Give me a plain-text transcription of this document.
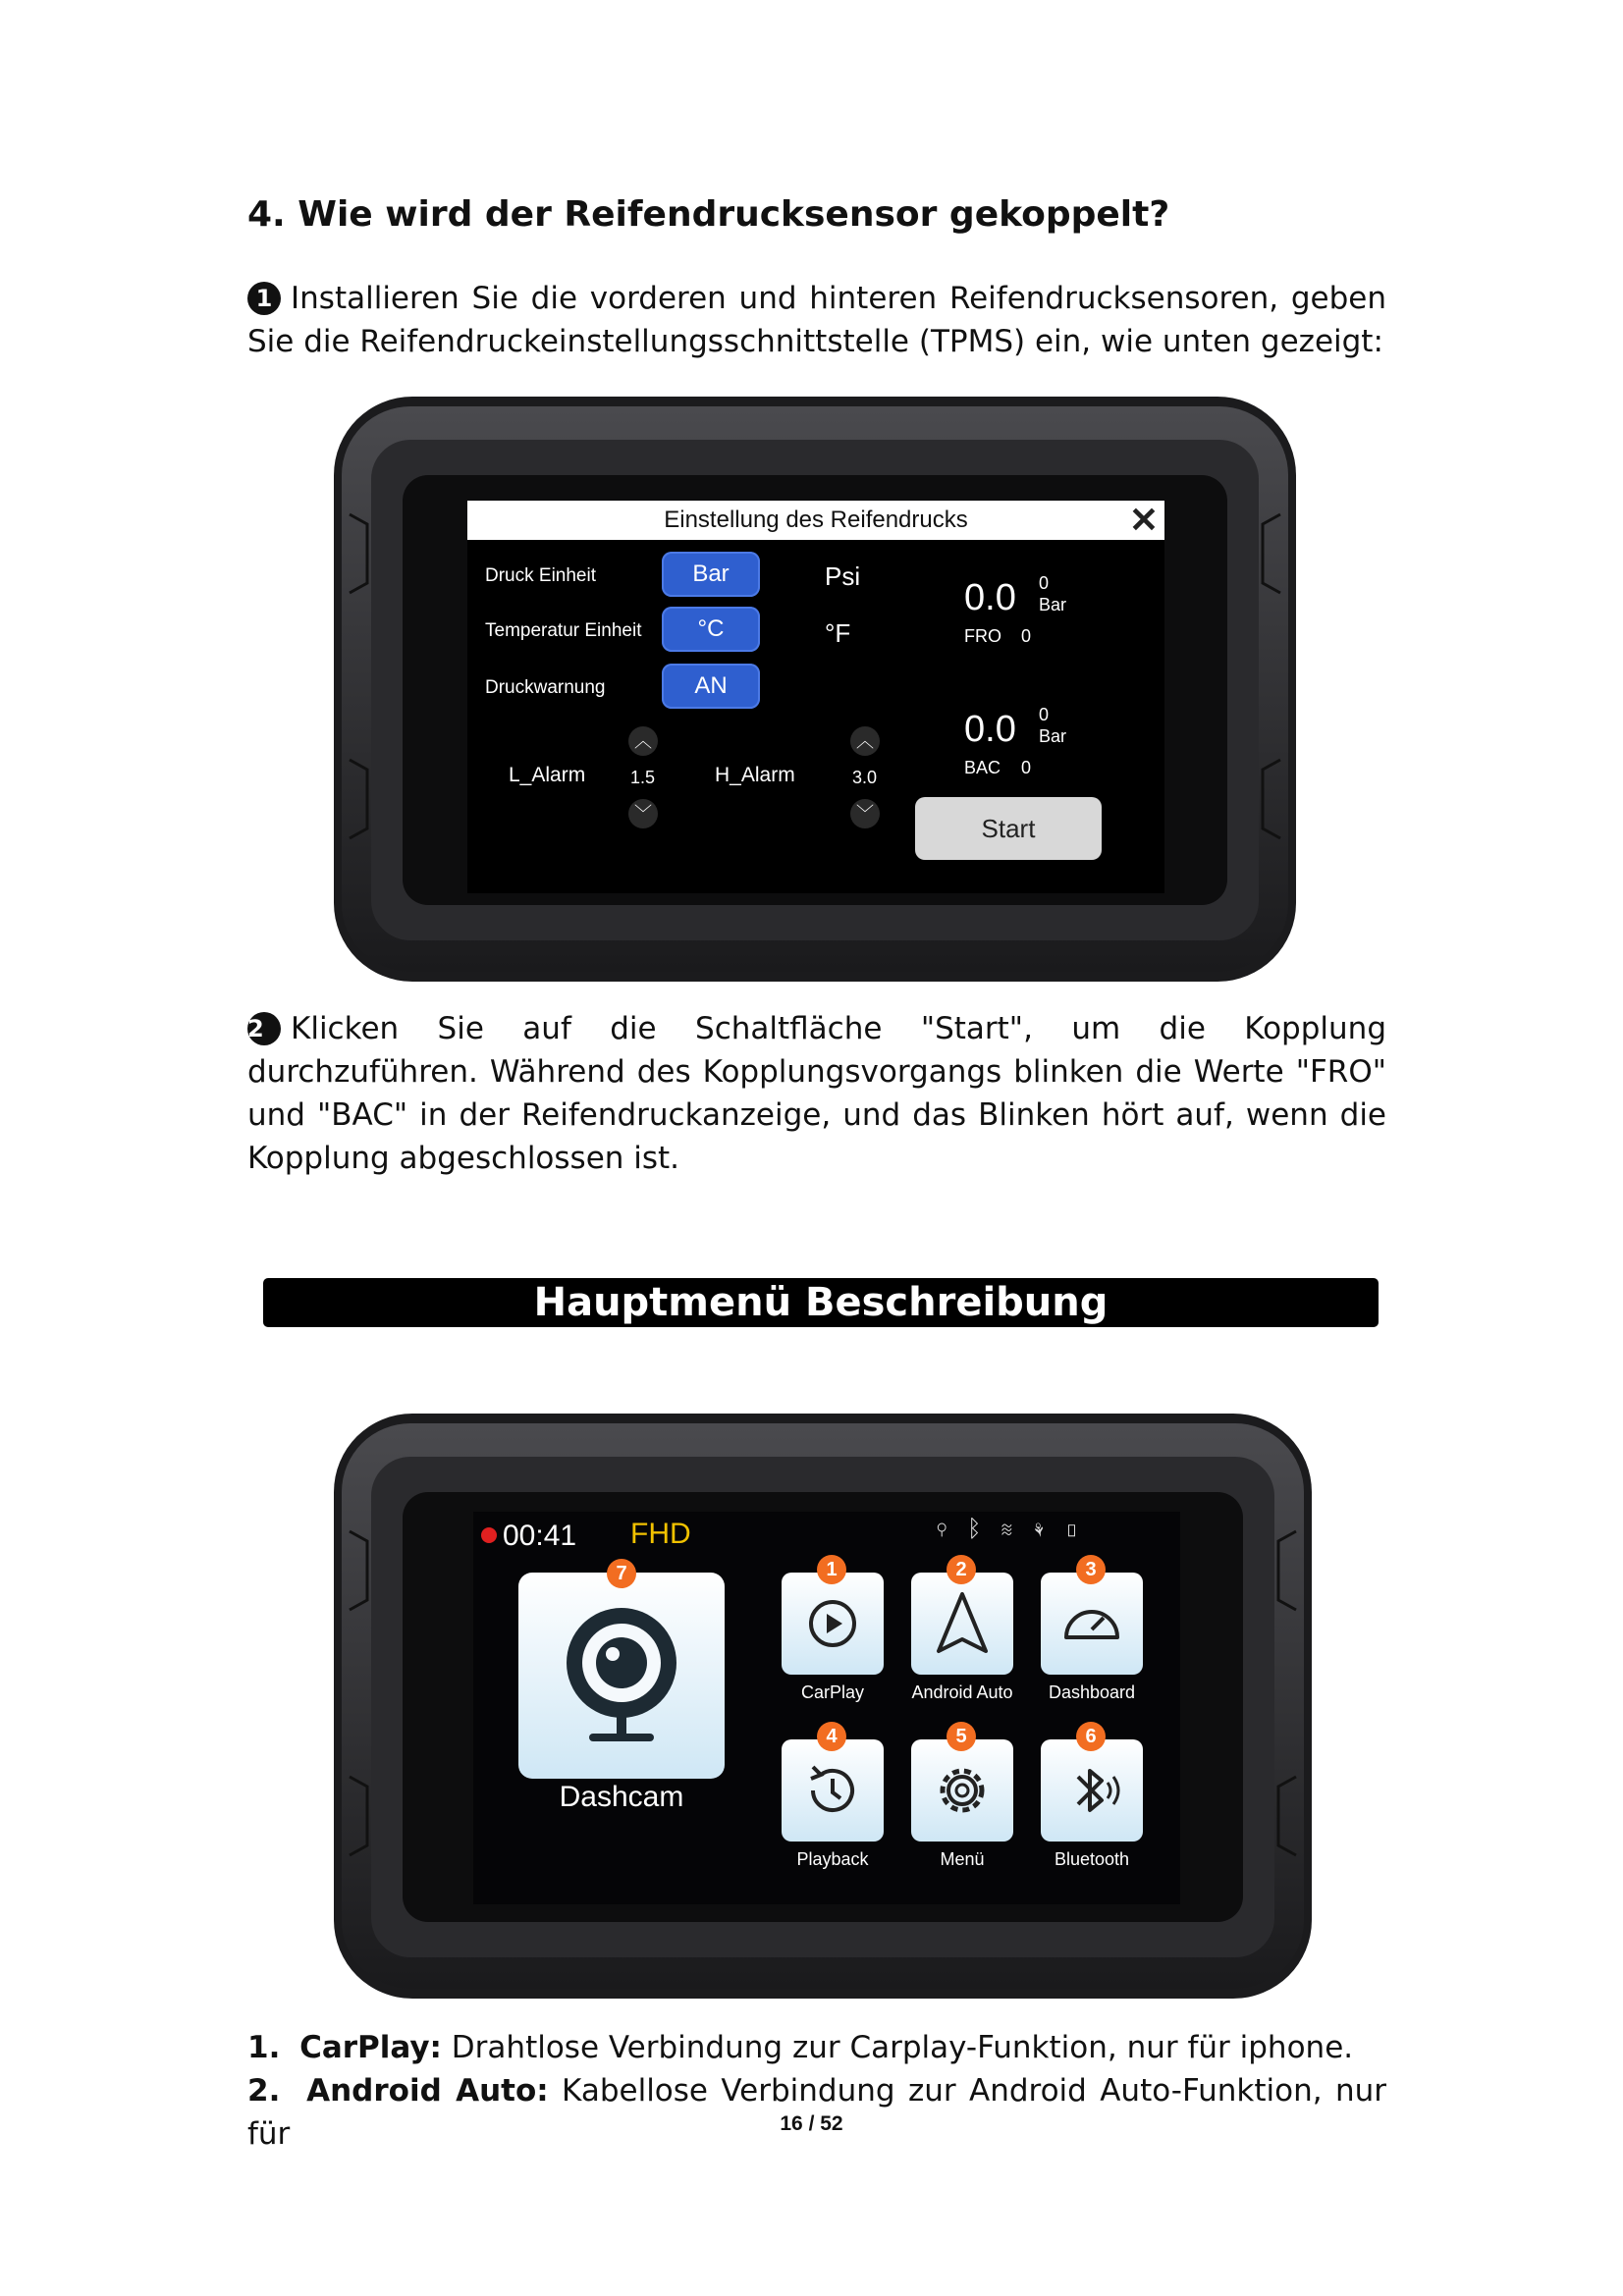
4. Wie wird der Reifendrucksensor gekoppelt?
1 Installieren Sie die vorderen und hinteren Reifendrucksensoren, geben Sie die Reifendruckeinstellungsschnittstelle (TPMS) ein, wie unten gezeigt:
Einstellung des Reifendrucks	✕
Druck Einheit	Bar	Psi
Temperatur Einheit	°C	°F
Druckwarnung	AN
︿
L_Alarm	1.5
﹀
H_Alarm
︿
3.0
﹀
0.0 0
Bar
FRO 0
0.0 0
Bar
BAC 0
Start
2 Klicken Sie auf die Schaltfläche "Start", um die Kopplung durchzuführen. Während des Kopplungsvorgangs blinken die Werte "FRO" und "BAC" in der Reifendruckanzeige, und das Blinken hört auf, wenn die Kopplung abgeschlossen ist.
Hauptmenü Beschreibung
00:41 FHD	⚲ ᛒ ≋ ⚘ ▯
7
Dashcam
1
CarPlay
2
Android Auto
3
Dashboard
4
Playback
5
Menü
6
Bluetooth
1. CarPlay: Drahtlose Verbindung zur Carplay-Funktion, nur für iphone.
2. Android Auto: Kabellose Verbindung zur Android Auto-Funktion, nur für	16 / 52
